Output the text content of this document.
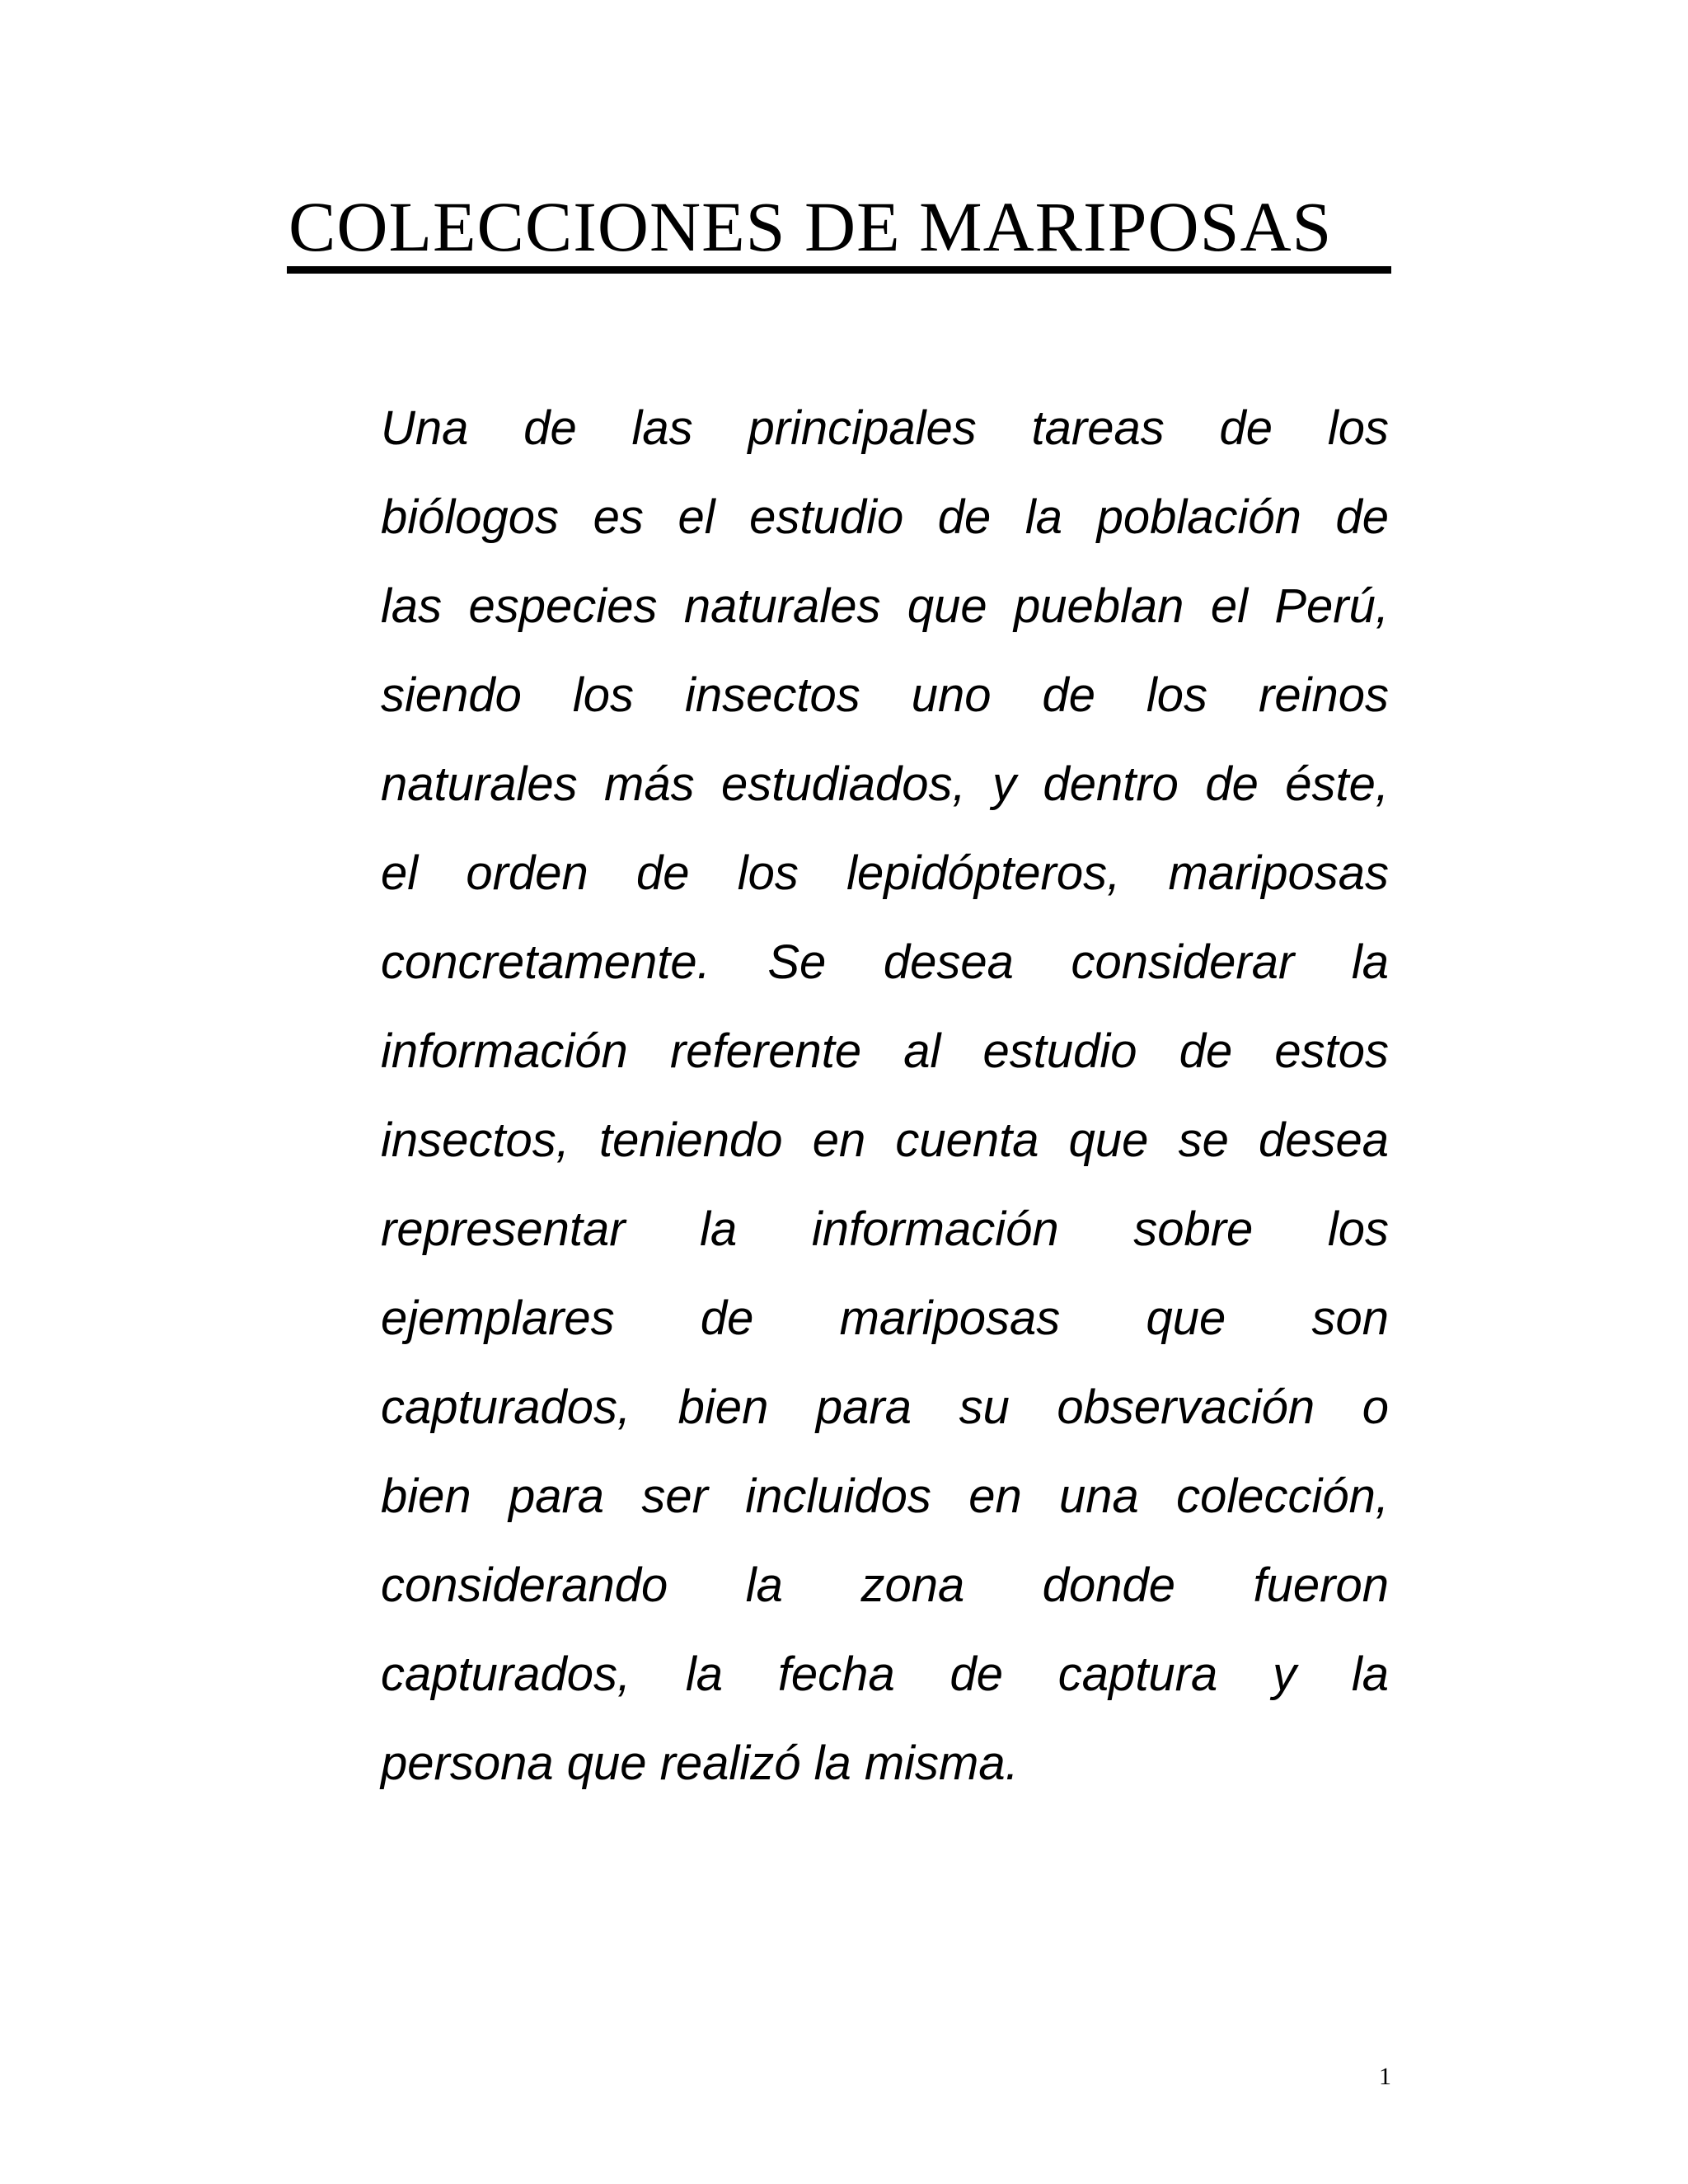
COLECCIONES DE MARIPOSAS
Una de las principales tareas de los
biólogos es el estudio de la población de
las especies naturales que pueblan el Perú,
siendo los insectos uno de los reinos
naturales más estudiados, y dentro de éste,
el orden de los lepidópteros, mariposas
concretamente. Se desea considerar la
información referente al estudio de estos
insectos, teniendo en cuenta que se desea
representar la información sobre los
ejemplares de mariposas que son
capturados, bien para su observación o
bien para ser incluidos en una colección,
considerando la zona donde fueron
capturados, la fecha de captura y la
persona que realizó la misma.
1
